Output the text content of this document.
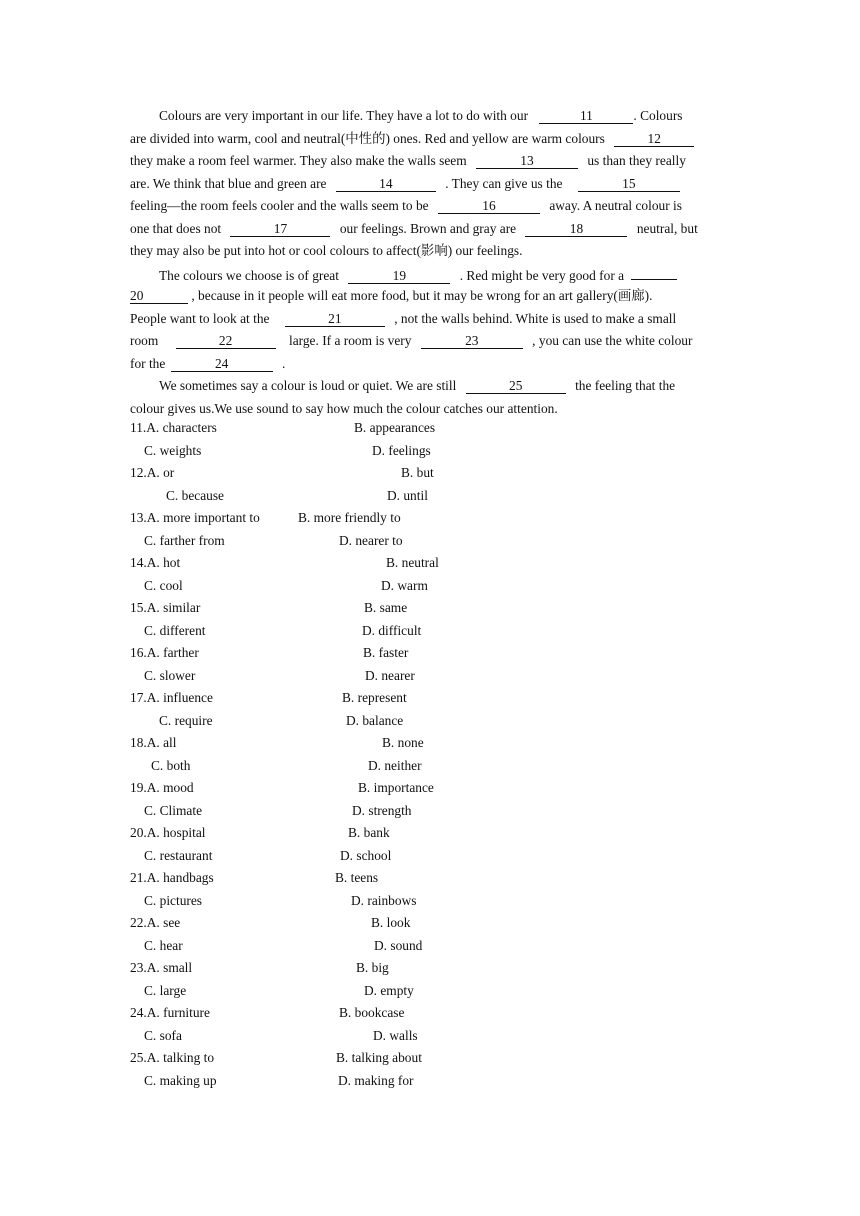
Colours are very important in our life. They have a lot to do with our	11	. Colours
are divided into warm, cool and neutral(中性的) ones. Red and yellow are warm colours	12
they make a room feel warmer. They also make the walls seem	13	us than they really
are. We think that blue and green are	14	. They can give us the	15
feeling—the room feels cooler and the walls seem to be	16	away. A neutral colour is
one that does not	17	our feelings. Brown and gray are	18	neutral, but
they may also be put into hot or cool colours to affect(影响) our feelings.
The colours we choose is of great	19	. Red might be very good for a
20	, because in it people will eat more food, but it may be wrong for an art gallery(画廊).
People want to look at the	21	, not the walls behind. White is used to make a small
room	22	large. If a room is very	23	, you can use the white colour
for the	24	.
We sometimes say a colour is loud or quiet. We are still	25	the feeling that the
colour gives us.We use sound to say how much the colour catches our attention.
11.A. characters	B. appearances
C. weights	D. feelings
12.A. or	B. but
C. because	D. until
13.A. more important to	B. more friendly to
C. farther from	D. nearer to
14.A. hot	B. neutral
C. cool	D. warm
15.A. similar	B. same
C. different	D. difficult
16.A. farther	B. faster
C. slower	D. nearer
17.A. influence	B. represent
C. require	D. balance
18.A. all	B. none
C. both	D. neither
19.A. mood	B. importance
C. Climate	D. strength
20.A. hospital	B. bank
C. restaurant	D. school
21.A. handbags	B. teens
C. pictures	D. rainbows
22.A. see	B. look
C. hear	D. sound
23.A. small	B. big
C. large	D. empty
24.A. furniture	B. bookcase
C. sofa	D. walls
25.A. talking to	B. talking about
C. making up	D. making for
